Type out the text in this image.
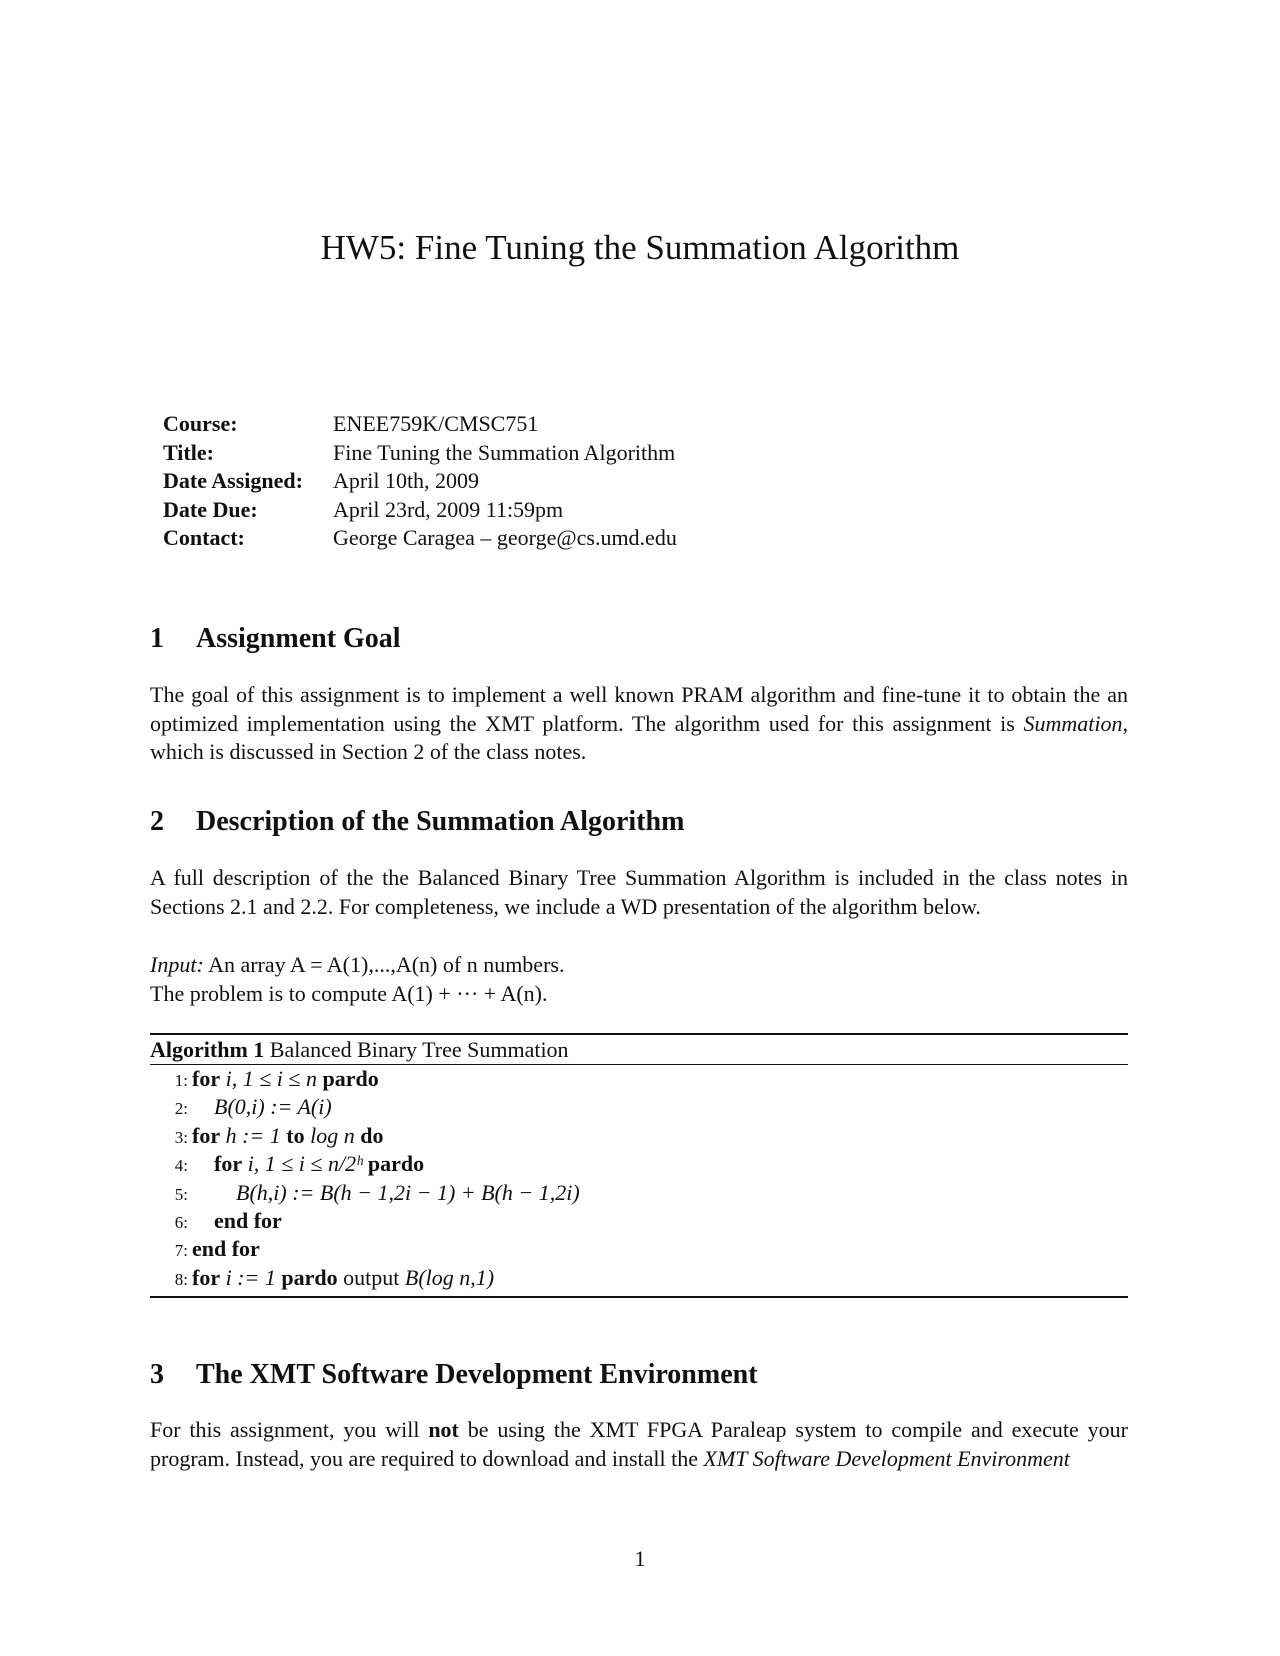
HW5: Fine Tuning the Summation Algorithm
Course:	ENEE759K/CMSC751
Title:	Fine Tuning the Summation Algorithm
Date Assigned: April 10th, 2009
Date Due:	April 23rd, 2009 11:59pm
Contact:	George Caragea – george@cs.umd.edu
1 Assignment Goal
The goal of this assignment is to implement a well known PRAM algorithm and fine-tune it to obtain the an optimized implementation using the XMT platform. The algorithm used for this assignment is Summation, which is discussed in Section 2 of the class notes.
2 Description of the Summation Algorithm
A full description of the the Balanced Binary Tree Summation Algorithm is included in the class notes in Sections 2.1 and 2.2. For completeness, we include a WD presentation of the algorithm below.
Input: An array A = A(1),...,A(n) of n numbers.
The problem is to compute A(1) + ··· + A(n).
Algorithm 1 Balanced Binary Tree Summation
1: for i, 1 ≤ i ≤ n pardo
2: B(0,i) := A(i)
3: for h := 1 to log n do
4: for i, 1 ≤ i ≤ n/2ʰ pardo
5: B(h,i) := B(h − 1,2i − 1) + B(h − 1,2i)
6: end for
7: end for
8: for i := 1 pardo output B(log n,1)
3 The XMT Software Development Environment
For this assignment, you will not be using the XMT FPGA Paraleap system to compile and execute your program. Instead, you are required to download and install the XMT Software Development Environment
1
